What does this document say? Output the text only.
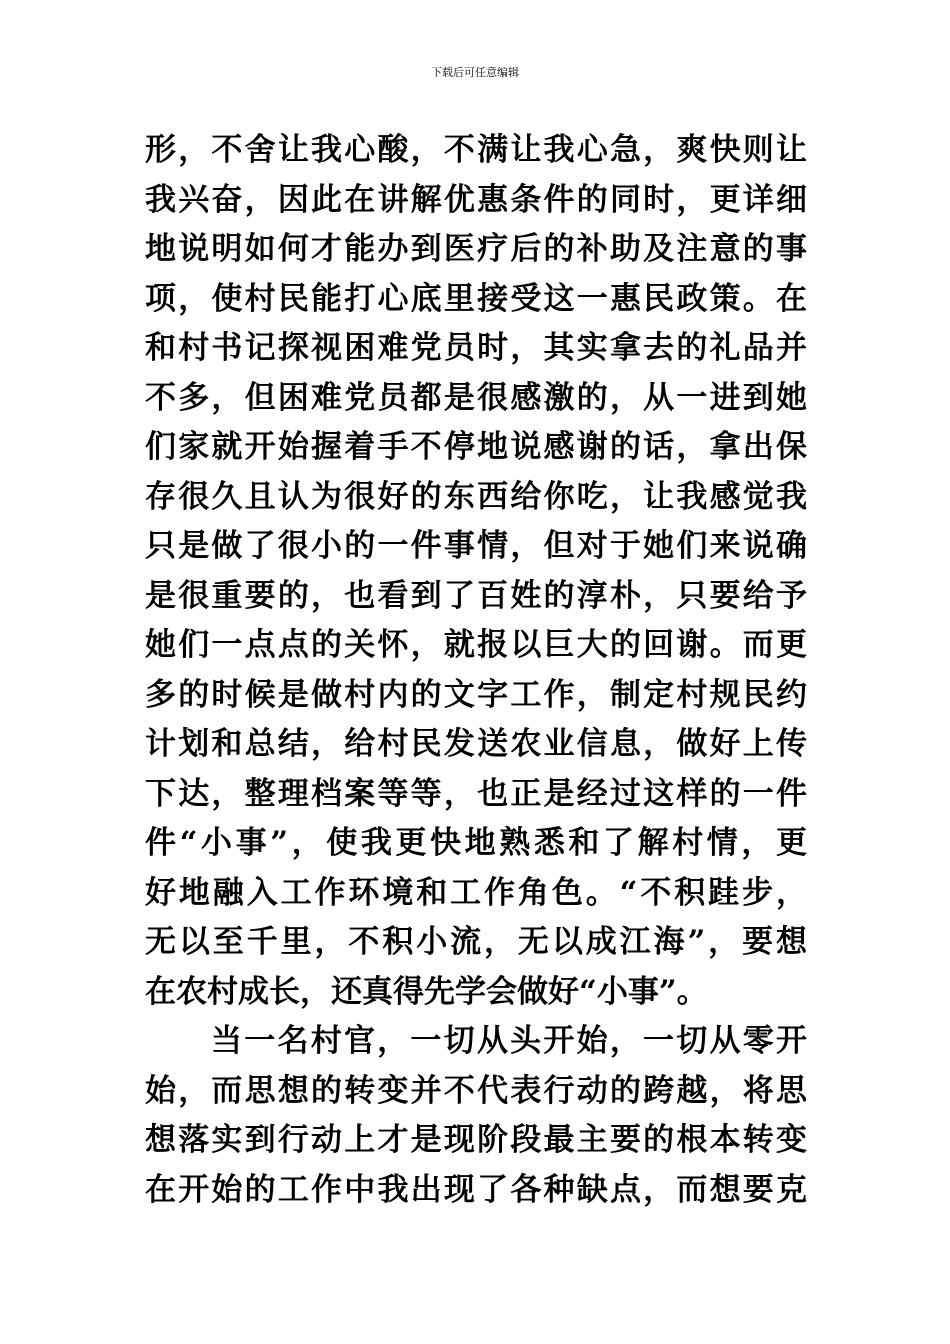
下载后可任意编辑
形，不舍让我心酸，不满让我心急，爽快则让
我兴奋，因此在讲解优惠条件的同时，更详细
地说明如何才能办到医疗后的补助及注意的事
项，使村民能打心底里接受这一惠民政策。在
和村书记探视困难党员时，其实拿去的礼品并
不多，但困难党员都是很感激的，从一进到她
们家就开始握着手不停地说感谢的话，拿出保
存很久且认为很好的东西给你吃，让我感觉我
只是做了很小的一件事情，但对于她们来说确
是很重要的，也看到了百姓的淳朴，只要给予
她们一点点的关怀，就报以巨大的回谢。而更
多的时候是做村内的文字工作，制定村规民约
计划和总结，给村民发送农业信息，做好上传
下达，整理档案等等，也正是经过这样的一件
件“小事”，使我更快地熟悉和了解村情，更
好地融入工作环境和工作角色。“不积跬步，
无以至千里，不积小流，无以成江海”，要想
在农村成长，还真得先学会做好“小事”。
当一名村官，一切从头开始，一切从零开
始，而思想的转变并不代表行动的跨越，将思
想落实到行动上才是现阶段最主要的根本转变
在开始的工作中我出现了各种缺点，而想要克
